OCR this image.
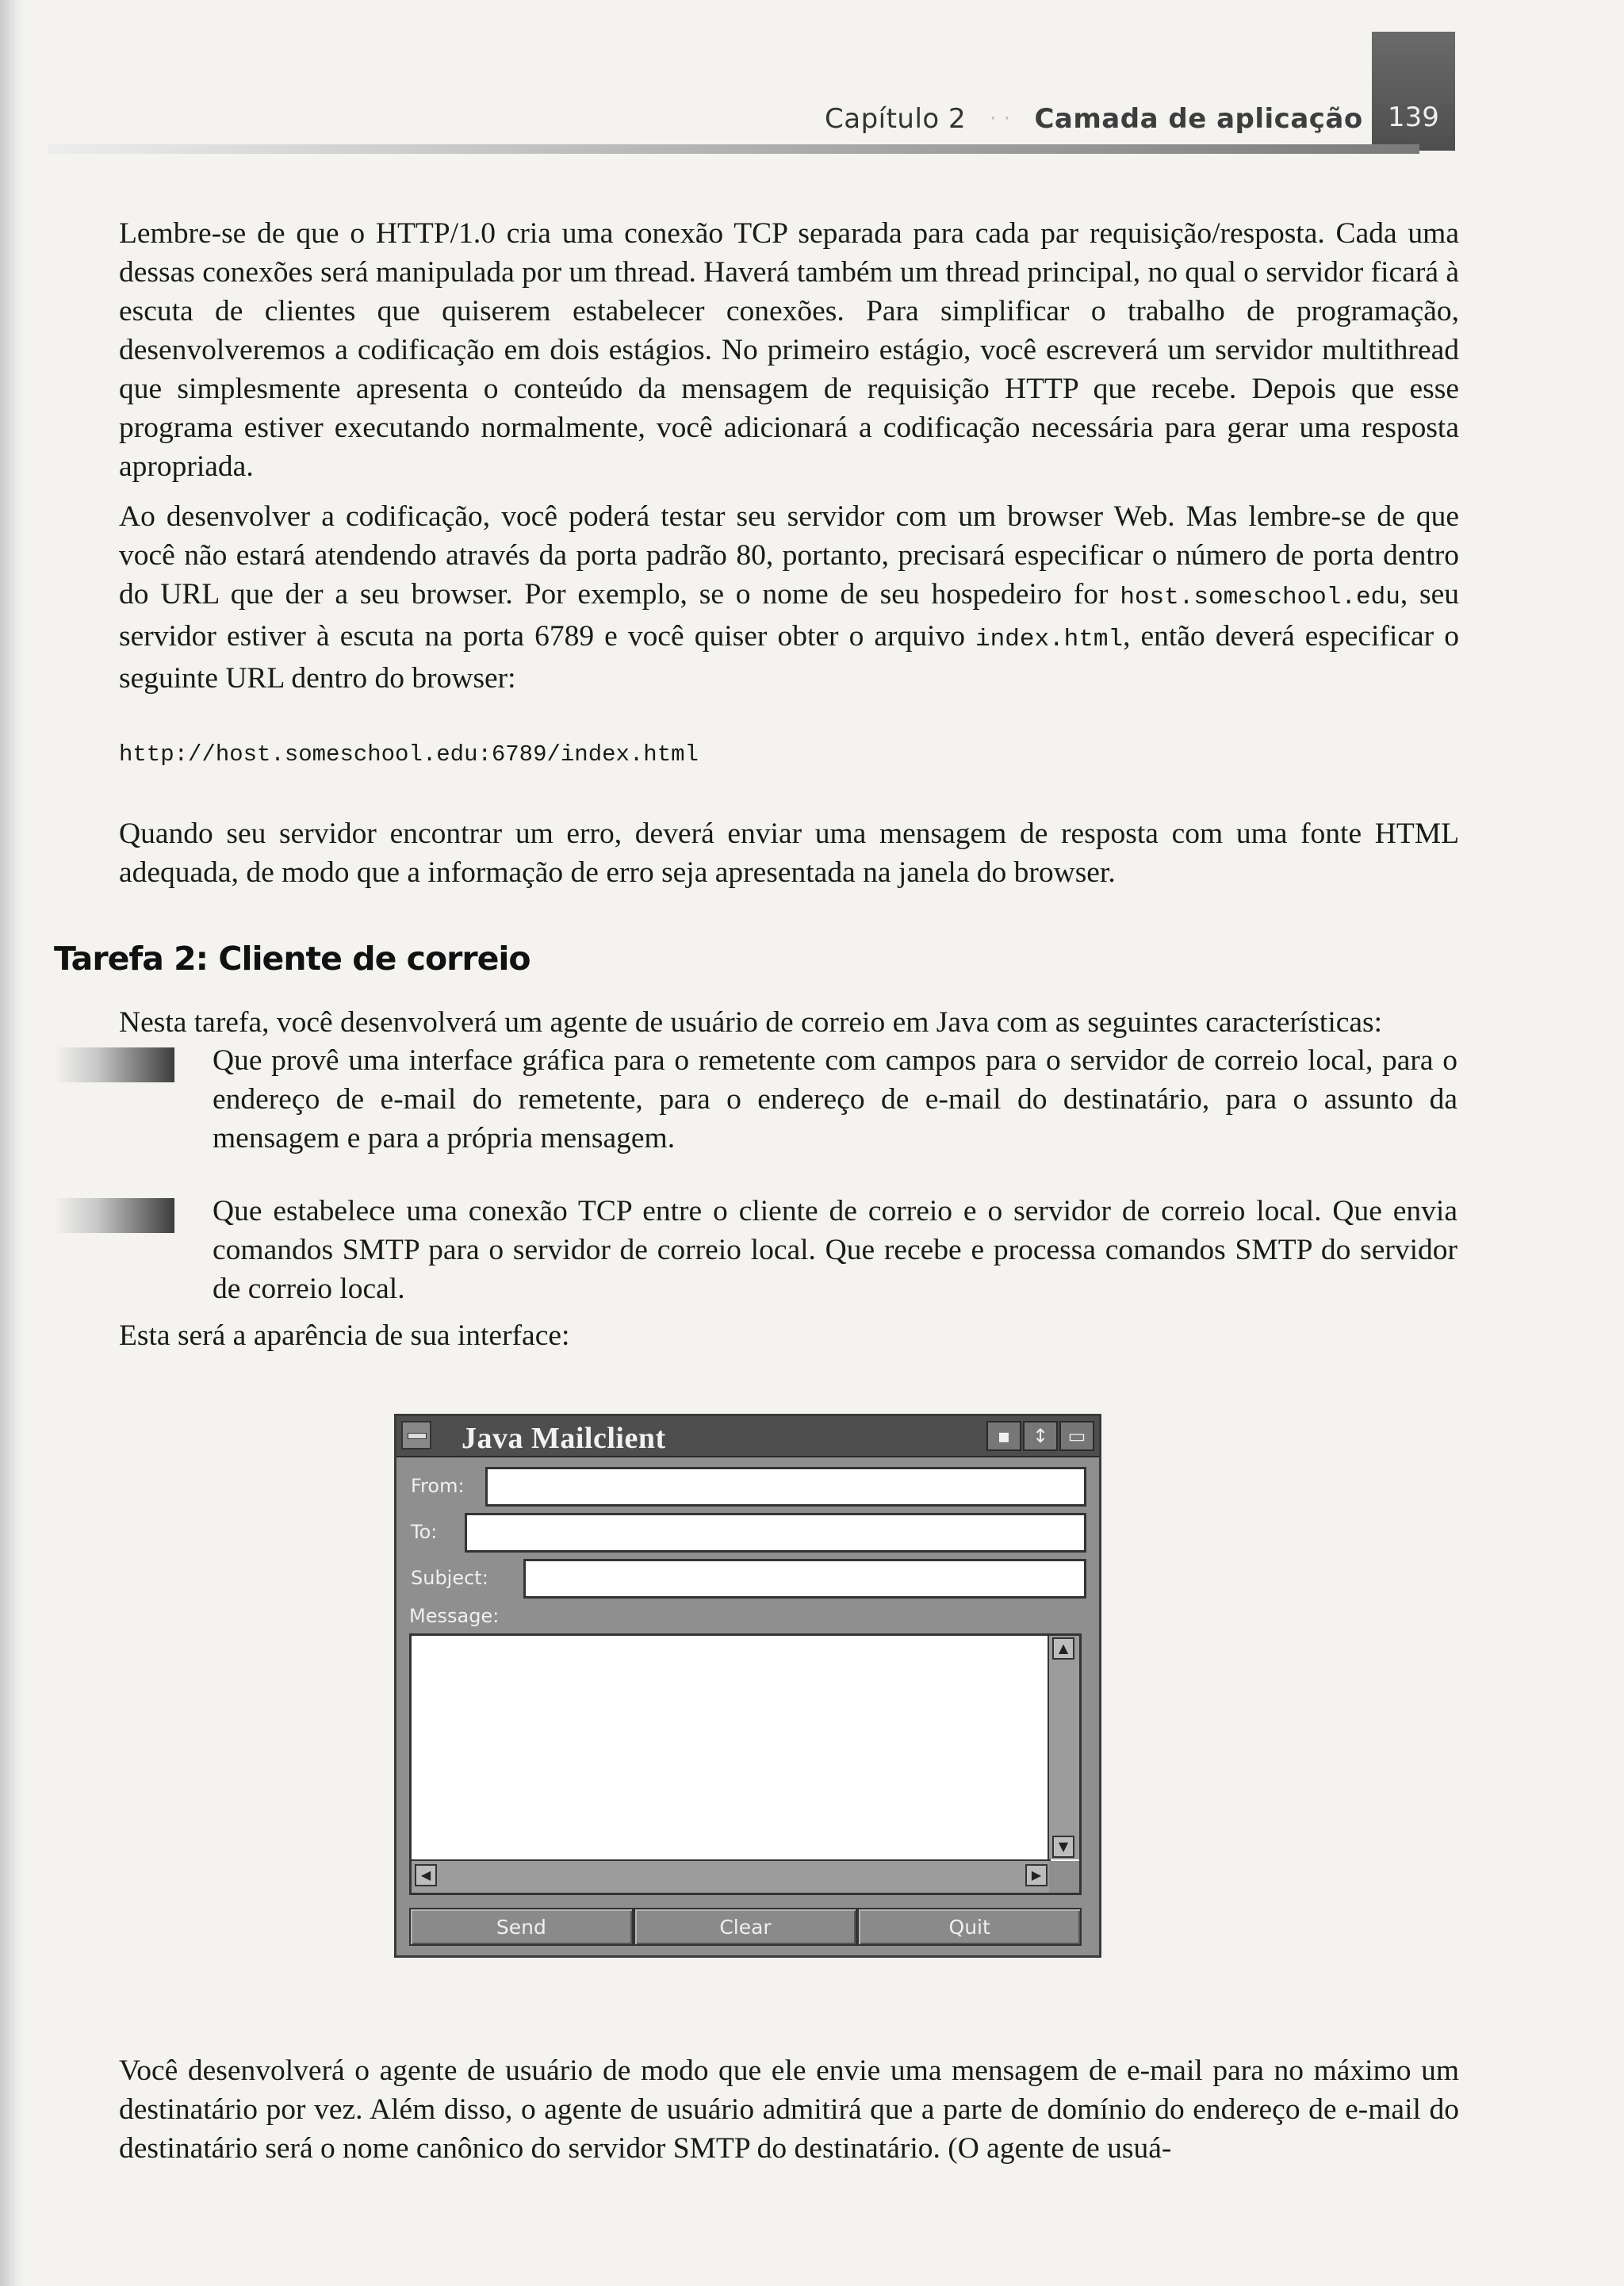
Capítulo 2 · · Camada de aplicação 139

Lembre-se de que o HTTP/1.0 cria uma conexão TCP separada para cada par requisição/resposta. Cada uma dessas conexões será manipulada por um thread. Haverá também um thread principal, no qual o servidor ficará à escuta de clientes que quiserem estabelecer conexões. Para simplificar o trabalho de programação, desenvolveremos a codificação em dois estágios. No primeiro estágio, você escreverá um servidor multithread que simplesmente apresenta o conteúdo da mensagem de requisição HTTP que recebe. Depois que esse programa estiver executando normalmente, você adicionará a codificação necessária para gerar uma resposta apropriada.

Ao desenvolver a codificação, você poderá testar seu servidor com um browser Web. Mas lembre-se de que você não estará atendendo através da porta padrão 80, portanto, precisará especificar o número de porta dentro do URL que der a seu browser. Por exemplo, se o nome de seu hospedeiro for host.someschool.edu, seu servidor estiver à escuta na porta 6789 e você quiser obter o arquivo index.html, então deverá especificar o seguinte URL dentro do browser:

http://host.someschool.edu:6789/index.html

Quando seu servidor encontrar um erro, deverá enviar uma mensagem de resposta com uma fonte HTML adequada, de modo que a informação de erro seja apresentada na janela do browser.

Tarefa 2: Cliente de correio

Nesta tarefa, você desenvolverá um agente de usuário de correio em Java com as seguintes características:

Que provê uma interface gráfica para o remetente com campos para o servidor de correio local, para o endereço de e-mail do remetente, para o endereço de e-mail do destinatário, para o assunto da mensagem e para a própria mensagem.
Que estabelece uma conexão TCP entre o cliente de correio e o servidor de correio local. Que envia comandos SMTP para o servidor de correio local. Que recebe e processa comandos SMTP do servidor de correio local.

Esta será a aparência de sua interface:

Java Mailclient	▪	↕	▭
From:
To:
Subject:
Message:
▲
▼
◀	▶
Send	Clear	Quit

Você desenvolverá o agente de usuário de modo que ele envie uma mensagem de e-mail para no máximo um destinatário por vez. Além disso, o agente de usuário admitirá que a parte de domínio do endereço de e-mail do destinatário será o nome canônico do servidor SMTP do destinatário. (O agente de usuá-
